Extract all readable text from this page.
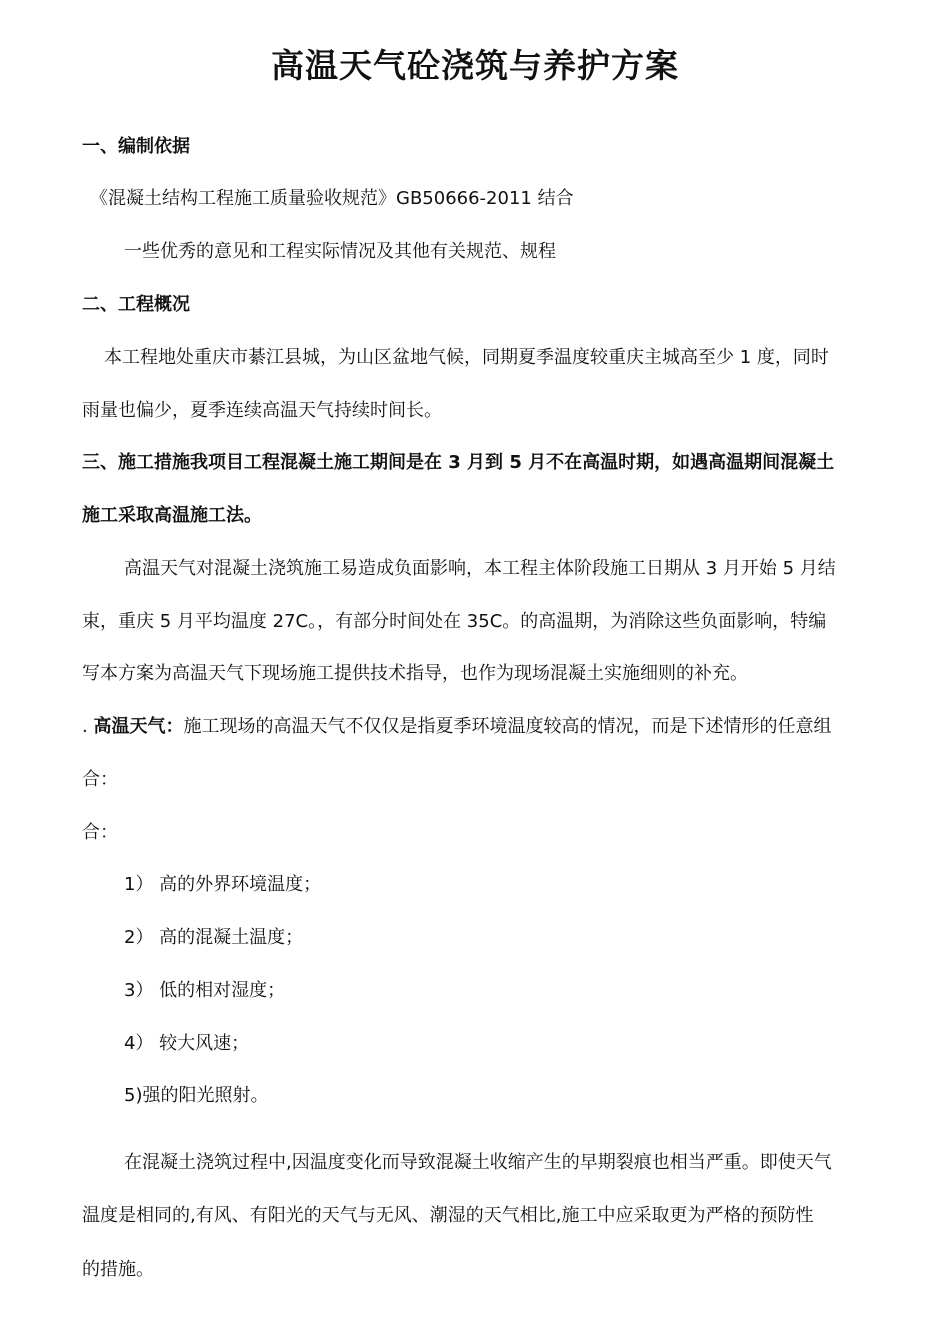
高温天气砼浇筑与养护方案
一、编制依据
《混凝土结构工程施工质量验收规范》GB50666-2011 结合
一些优秀的意见和工程实际情况及其他有关规范、规程
二、工程概况
本工程地处重庆市綦江县城，为山区盆地气候，同期夏季温度较重庆主城高至少 1 度，同时
雨量也偏少，夏季连续高温天气持续时间长。
三、施工措施我项目工程混凝土施工期间是在 3 月到 5 月不在高温时期，如遇高温期间混凝土
施工采取高温施工法。
高温天气对混凝土浇筑施工易造成负面影响，本工程主体阶段施工日期从 3 月开始 5 月结
束，重庆 5 月平均温度 27C。，有部分时间处在 35C。的高温期，为消除这些负面影响，特编
写本方案为高温天气下现场施工提供技术指导，也作为现场混凝土实施细则的补充。
. 高温天气：施工现场的高温天气不仅仅是指夏季环境温度较高的情况，而是下述情形的任意组
合：
合：
1） 高的外界环境温度；
2） 高的混凝土温度；
3） 低的相对湿度；
4） 较大风速；
5)强的阳光照射。
在混凝土浇筑过程中,因温度变化而导致混凝土收缩产生的早期裂痕也相当严重。即使天气
温度是相同的,有风、有阳光的天气与无风、潮湿的天气相比,施工中应采取更为严格的预防性
的措施。
